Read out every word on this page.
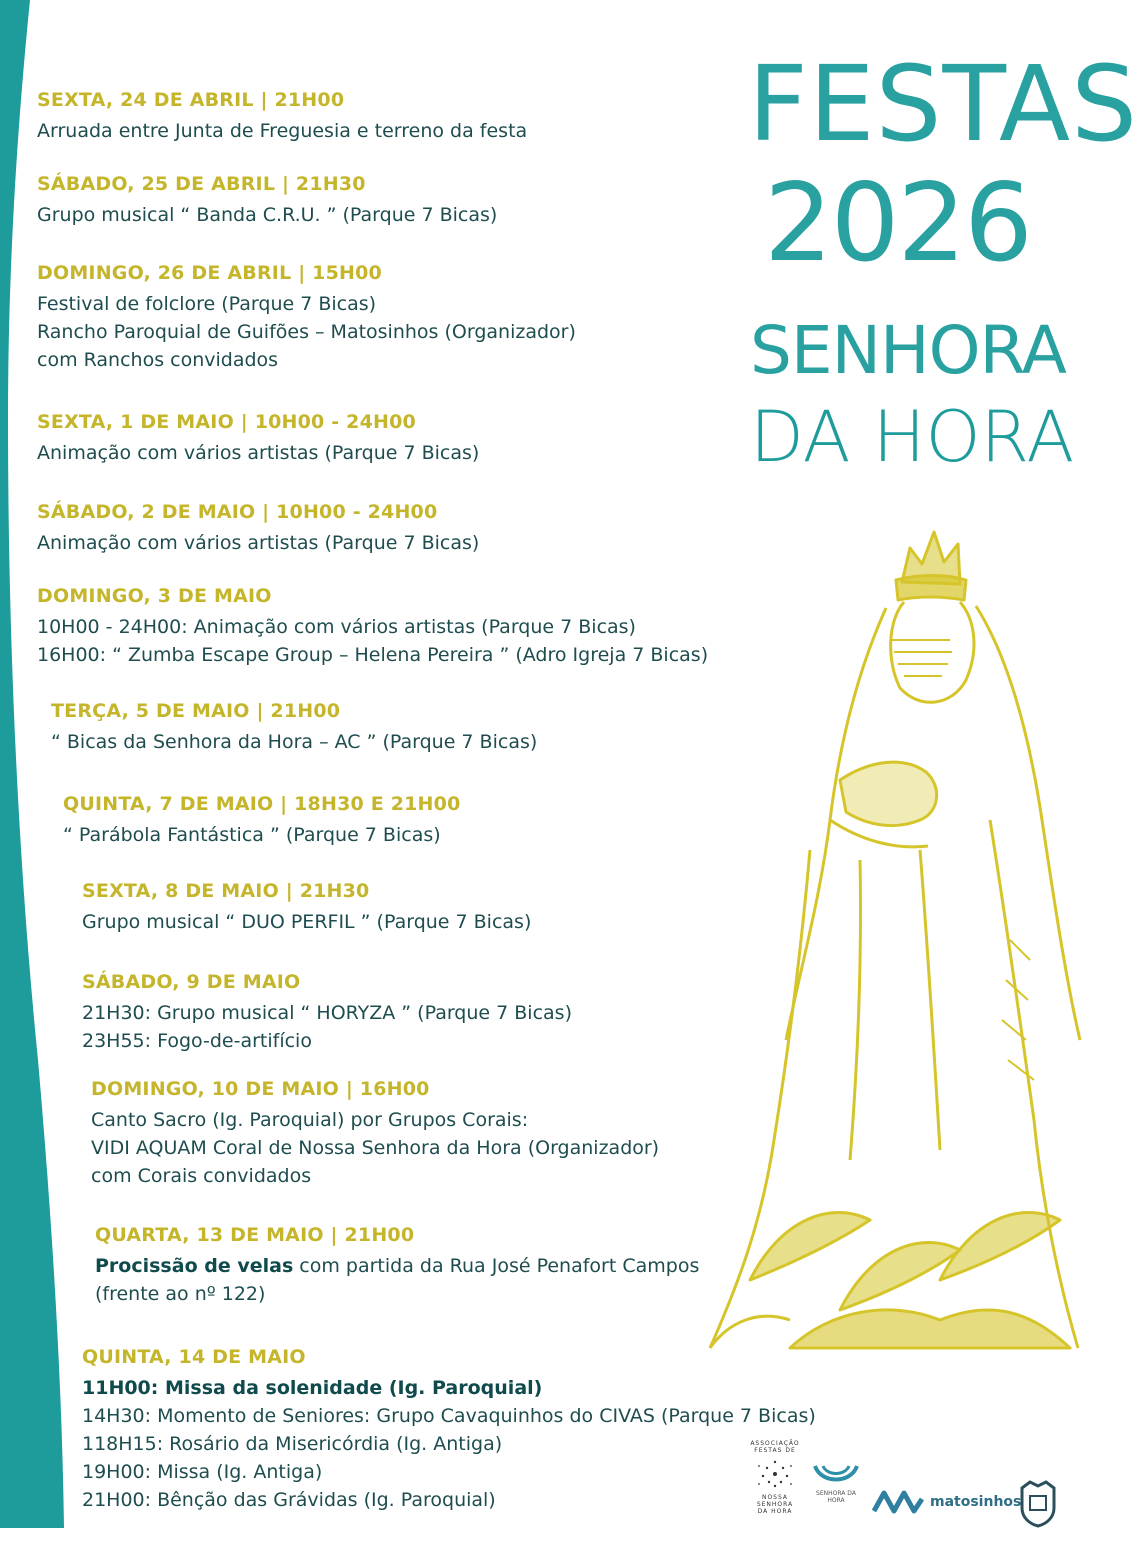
FESTAS
2026
SENHORA
DA HORA
SEXTA, 24 DE ABRIL | 21H00
Arruada entre Junta de Freguesia e terreno da festa
SÁBADO, 25 DE ABRIL | 21H30
Grupo musical “ Banda C.R.U. ” (Parque 7 Bicas)
DOMINGO, 26 DE ABRIL | 15H00
Festival de folclore (Parque 7 Bicas)
Rancho Paroquial de Guifões – Matosinhos (Organizador)
com Ranchos convidados
SEXTA, 1 DE MAIO | 10H00 - 24H00
Animação com vários artistas (Parque 7 Bicas)
SÁBADO, 2 DE MAIO | 10H00 - 24H00
Animação com vários artistas (Parque 7 Bicas)
DOMINGO, 3 DE MAIO
10H00 - 24H00: Animação com vários artistas (Parque 7 Bicas)
16H00: “ Zumba Escape Group – Helena Pereira ” (Adro Igreja 7 Bicas)
TERÇA, 5 DE MAIO | 21H00
“ Bicas da Senhora da Hora – AC ” (Parque 7 Bicas)
QUINTA, 7 DE MAIO | 18H30 E 21H00
“ Parábola Fantástica ” (Parque 7 Bicas)
SEXTA, 8 DE MAIO | 21H30
Grupo musical “ DUO PERFIL ” (Parque 7 Bicas)
SÁBADO, 9 DE MAIO
21H30: Grupo musical “ HORYZA ” (Parque 7 Bicas)
23H55: Fogo-de-artifício
DOMINGO, 10 DE MAIO | 16H00
Canto Sacro (Ig. Paroquial) por Grupos Corais:
VIDI AQUAM Coral de Nossa Senhora da Hora (Organizador)
com Corais convidados
QUARTA, 13 DE MAIO | 21H00
Procissão de velas com partida da Rua José Penafort Campos
(frente ao nº 122)
QUINTA, 14 DE MAIO
11H00: Missa da solenidade (Ig. Paroquial)
14H30: Momento de Seniores: Grupo Cavaquinhos do CIVAS (Parque 7 Bicas)
118H15: Rosário da Misericórdia (Ig. Antiga)
19H00: Missa (Ig. Antiga)
21H00: Bênção das Grávidas (Ig. Paroquial)
ASSOCIAÇÃO
FESTAS DE
NOSSA
SENHORA
DA HORA
SENHORA DA HORA	matosinhos
